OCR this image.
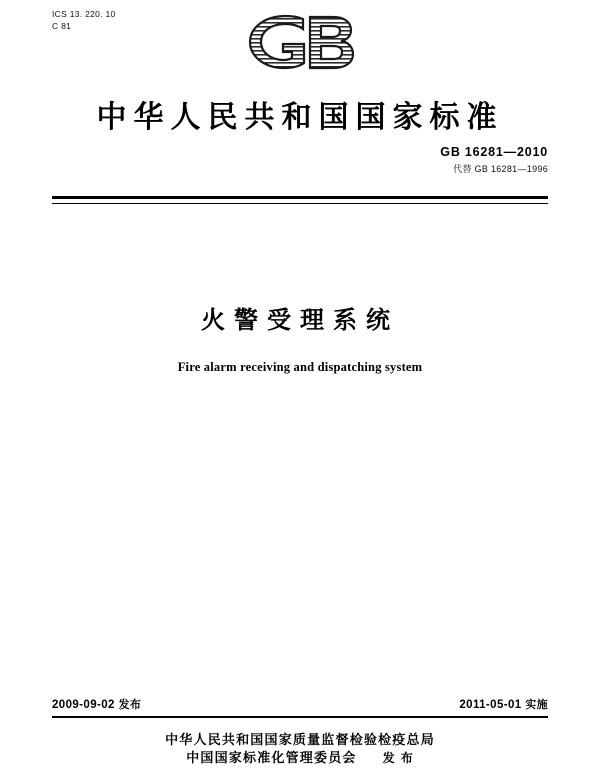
ICS 13. 220. 10
C 81
中华人民共和国国家标准
GB 16281—2010
代替 GB 16281—1996
火警受理系统
Fire alarm receiving and dispatching system
2009-09-02 发布	2011-05-01 实施
中华人民共和国国家质量监督检验检疫总局
中国国家标准化管理委员会 发 布
